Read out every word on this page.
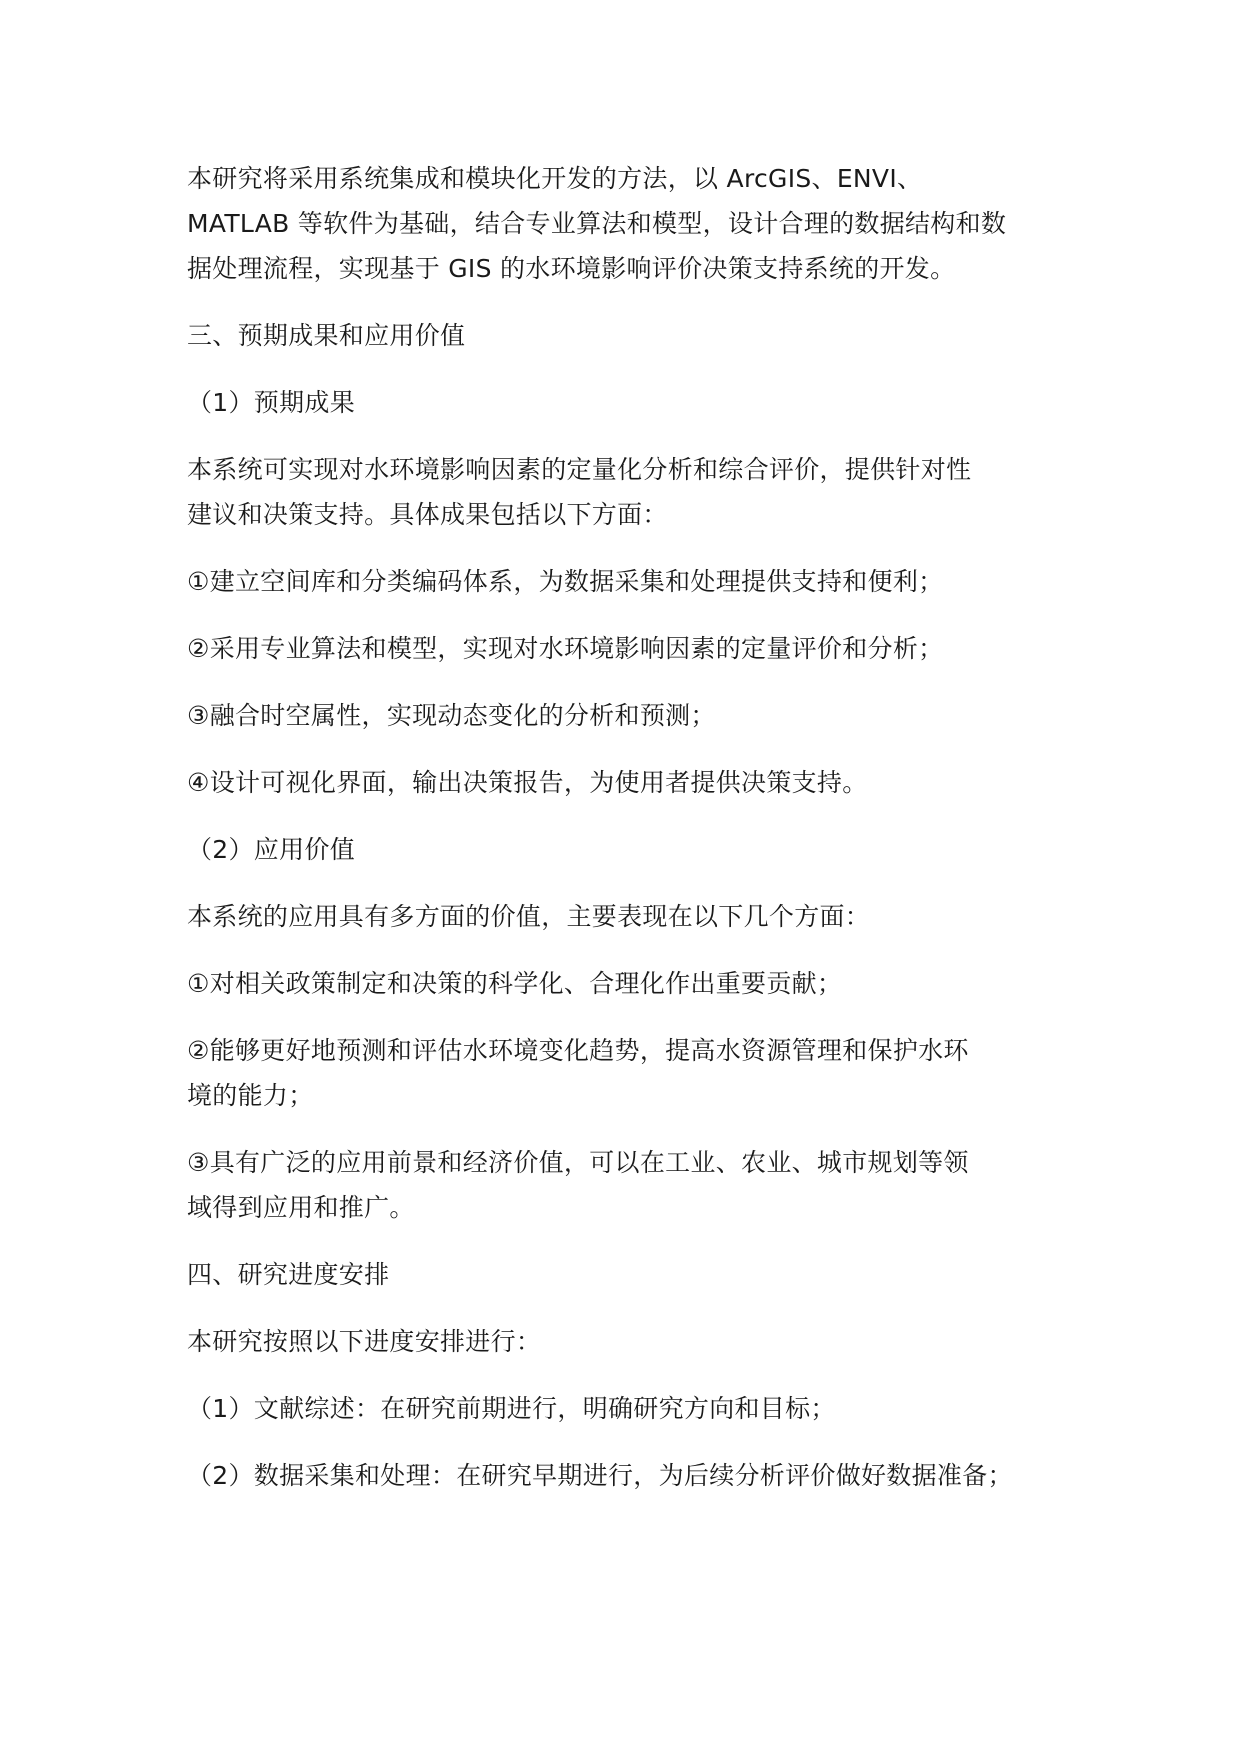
本研究将采用系统集成和模块化开发的方法，以 ArcGIS、ENVI、
MATLAB 等软件为基础，结合专业算法和模型，设计合理的数据结构和数
据处理流程，实现基于 GIS 的水环境影响评价决策支持系统的开发。

三、预期成果和应用价值

（1）预期成果

本系统可实现对水环境影响因素的定量化分析和综合评价，提供针对性
建议和决策支持。具体成果包括以下方面：

①建立空间库和分类编码体系，为数据采集和处理提供支持和便利；

②采用专业算法和模型，实现对水环境影响因素的定量评价和分析；

③融合时空属性，实现动态变化的分析和预测；

④设计可视化界面，输出决策报告，为使用者提供决策支持。

（2）应用价值

本系统的应用具有多方面的价值，主要表现在以下几个方面：

①对相关政策制定和决策的科学化、合理化作出重要贡献；

②能够更好地预测和评估水环境变化趋势，提高水资源管理和保护水环
境的能力；

③具有广泛的应用前景和经济价值，可以在工业、农业、城市规划等领
域得到应用和推广。

四、研究进度安排

本研究按照以下进度安排进行：

（1）文献综述：在研究前期进行，明确研究方向和目标；

（2）数据采集和处理：在研究早期进行，为后续分析评价做好数据准备；
